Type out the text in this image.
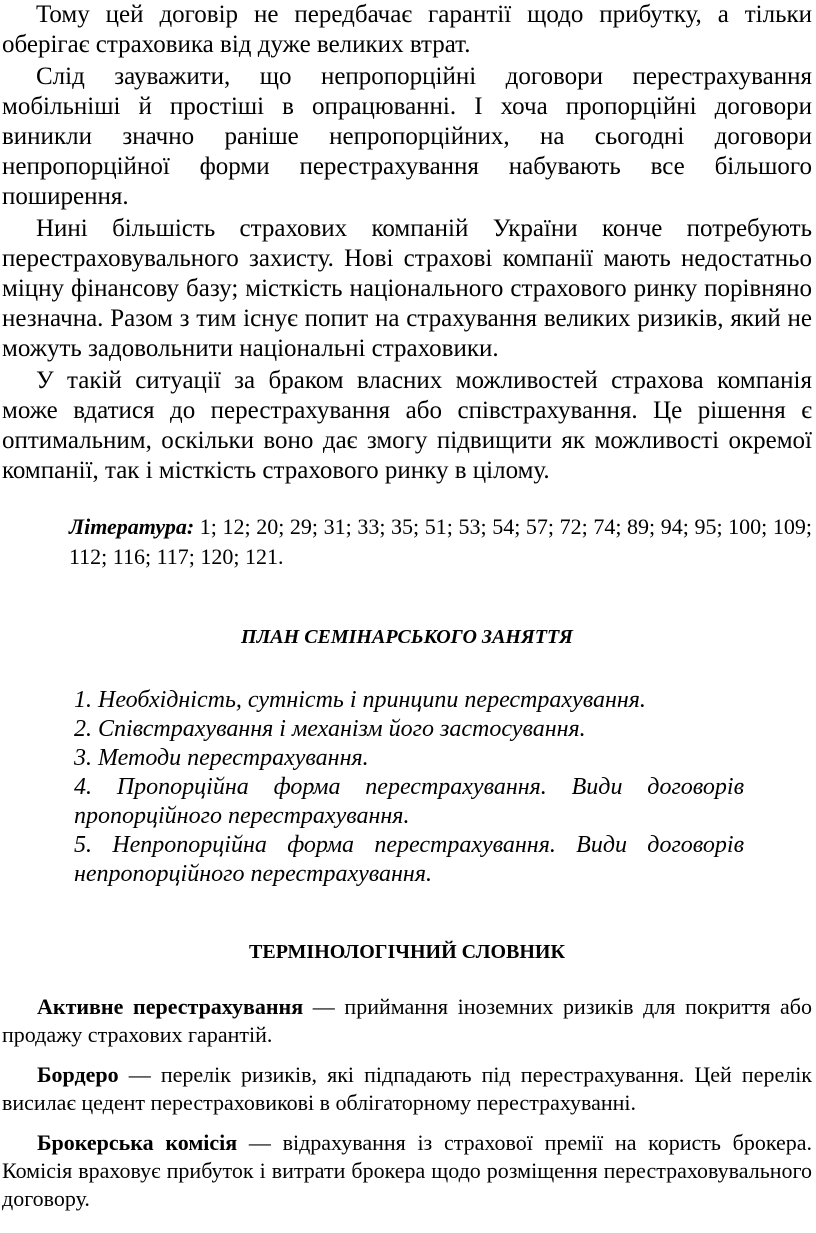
Тому цей договір не передбачає гарантії щодо прибутку, а тільки оберігає страховика від дуже великих втрат.

Слід зауважити, що непропорційні договори перестрахування мобільніші й простіші в опрацюванні. І хоча пропорційні договори виникли значно раніше непропорційних, на сьогодні договори непропорційної форми перестрахування набувають все більшого поширення.

Нині більшість страхових компаній України конче потребують перестраховувального захисту. Нові страхові компанії мають недостатньо міцну фінансову базу; місткість національного страхового ринку порівняно незначна. Разом з тим існує попит на страхування великих ризиків, який не можуть задовольнити національні страховики.

У такій ситуації за браком власних можливостей страхова компанія може вдатися до перестрахування або співстрахування. Це рішення є оптимальним, оскільки воно дає змогу підвищити як можливості окремої компанії, так і місткість страхового ринку в цілому.

Література: 1; 12; 20; 29; 31; 33; 35; 51; 53; 54; 57; 72; 74; 89; 94; 95; 100; 109; 112; 116; 117; 120; 121.

ПЛАН СЕМІНАРСЬКОГО ЗАНЯТТЯ
1. Необхідність, сутність і принципи перестрахування.
2. Співстрахування і механізм його застосування.
3. Методи перестрахування.
4. Пропорційна форма перестрахування. Види договорів пропорційного перестрахування.
5. Непропорційна форма перестрахування. Види договорів непропорційного перестрахування.
ТЕРМІНОЛОГІЧНИЙ СЛОВНИК

Активне перестрахування — приймання іноземних ризиків для покриття або продажу страхових гарантій.

Бордеро — перелік ризиків, які підпадають під перестрахування. Цей перелік висилає цедент перестраховикові в облігаторному перестрахуванні.

Брокерська комісія — відрахування із страхової премії на користь брокера. Комісія враховує прибуток і витрати брокера щодо розміщення перестраховувального договору.
